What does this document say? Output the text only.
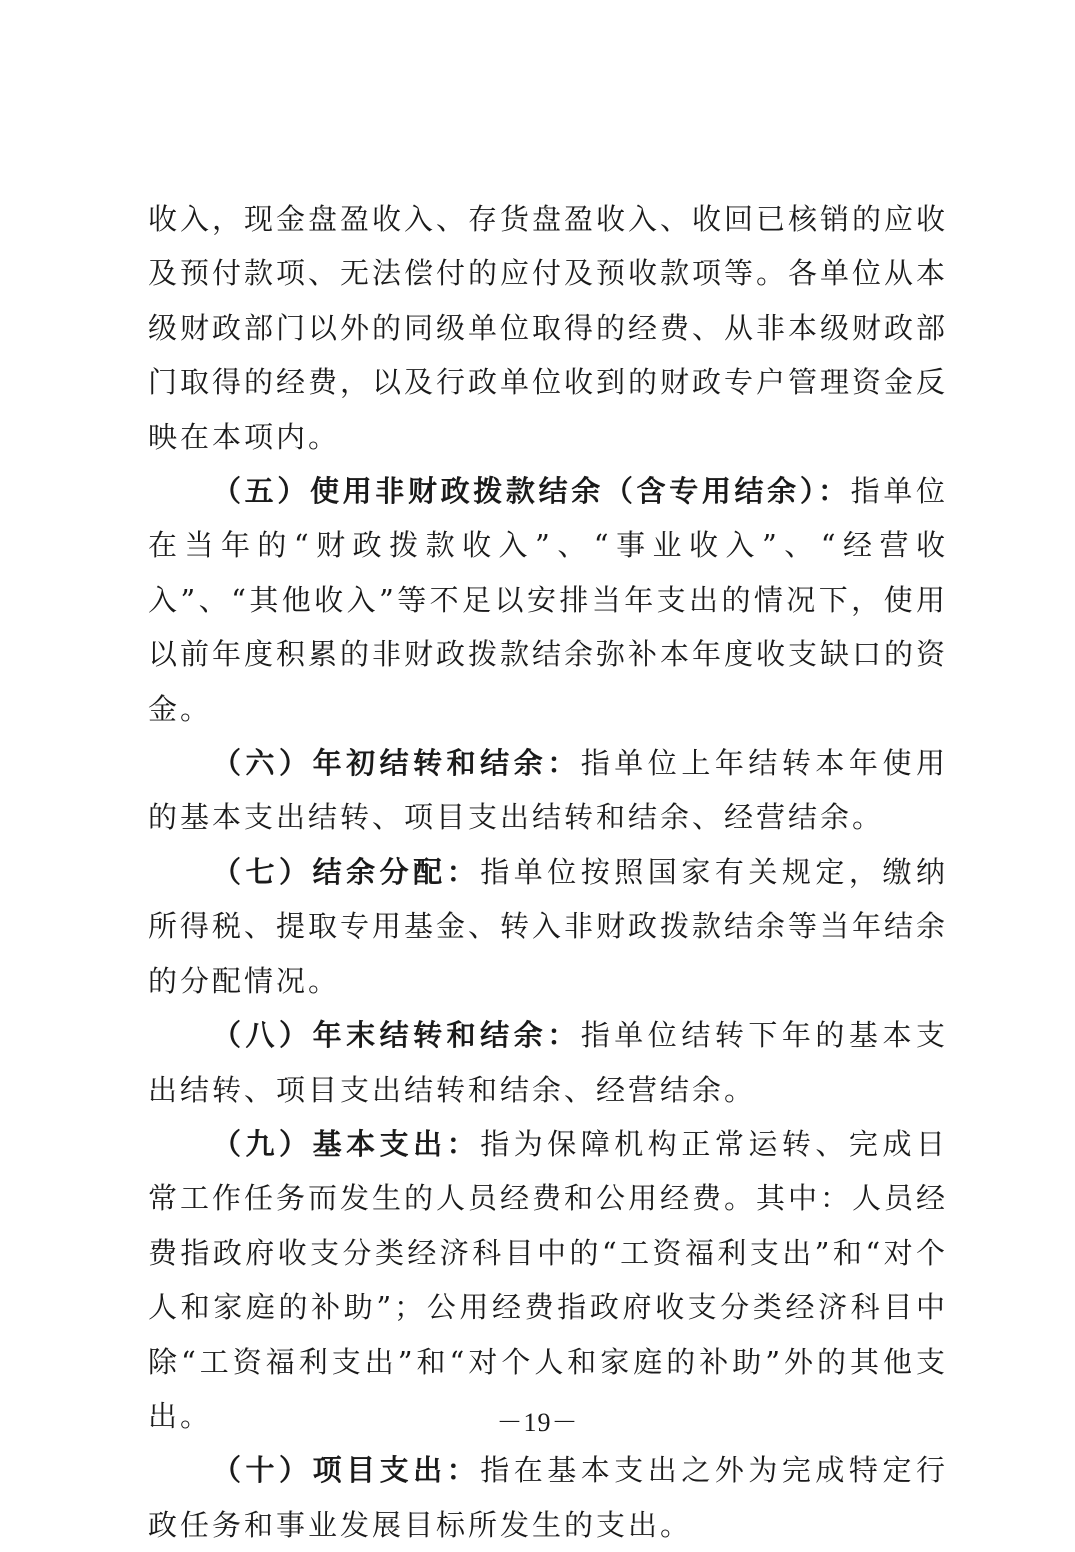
收入，现金盘盈收入、存货盘盈收入、收回已核销的应收及预付款项、无法偿付的应付及预收款项等。各单位从本级财政部门以外的同级单位取得的经费、从非本级财政部门取得的经费，以及行政单位收到的财政专户管理资金反映在本项内。

（五）使用非财政拨款结余（含专用结余）：指单位在当年的“财政拨款收入”、“事业收入”、“经营收入”、“其他收入”等不足以安排当年支出的情况下，使用以前年度积累的非财政拨款结余弥补本年度收支缺口的资金。

（六）年初结转和结余：指单位上年结转本年使用的基本支出结转、项目支出结转和结余、经营结余。

（七）结余分配：指单位按照国家有关规定，缴纳所得税、提取专用基金、转入非财政拨款结余等当年结余的分配情况。

（八）年末结转和结余：指单位结转下年的基本支出结转、项目支出结转和结余、经营结余。

（九）基本支出：指为保障机构正常运转、完成日常工作任务而发生的人员经费和公用经费。其中：人员经费指政府收支分类经济科目中的“工资福利支出”和“对个人和家庭的补助”；公用经费指政府收支分类经济科目中除“工资福利支出”和“对个人和家庭的补助”外的其他支出。

（十）项目支出：指在基本支出之外为完成特定行政任务和事业发展目标所发生的支出。

－19－
